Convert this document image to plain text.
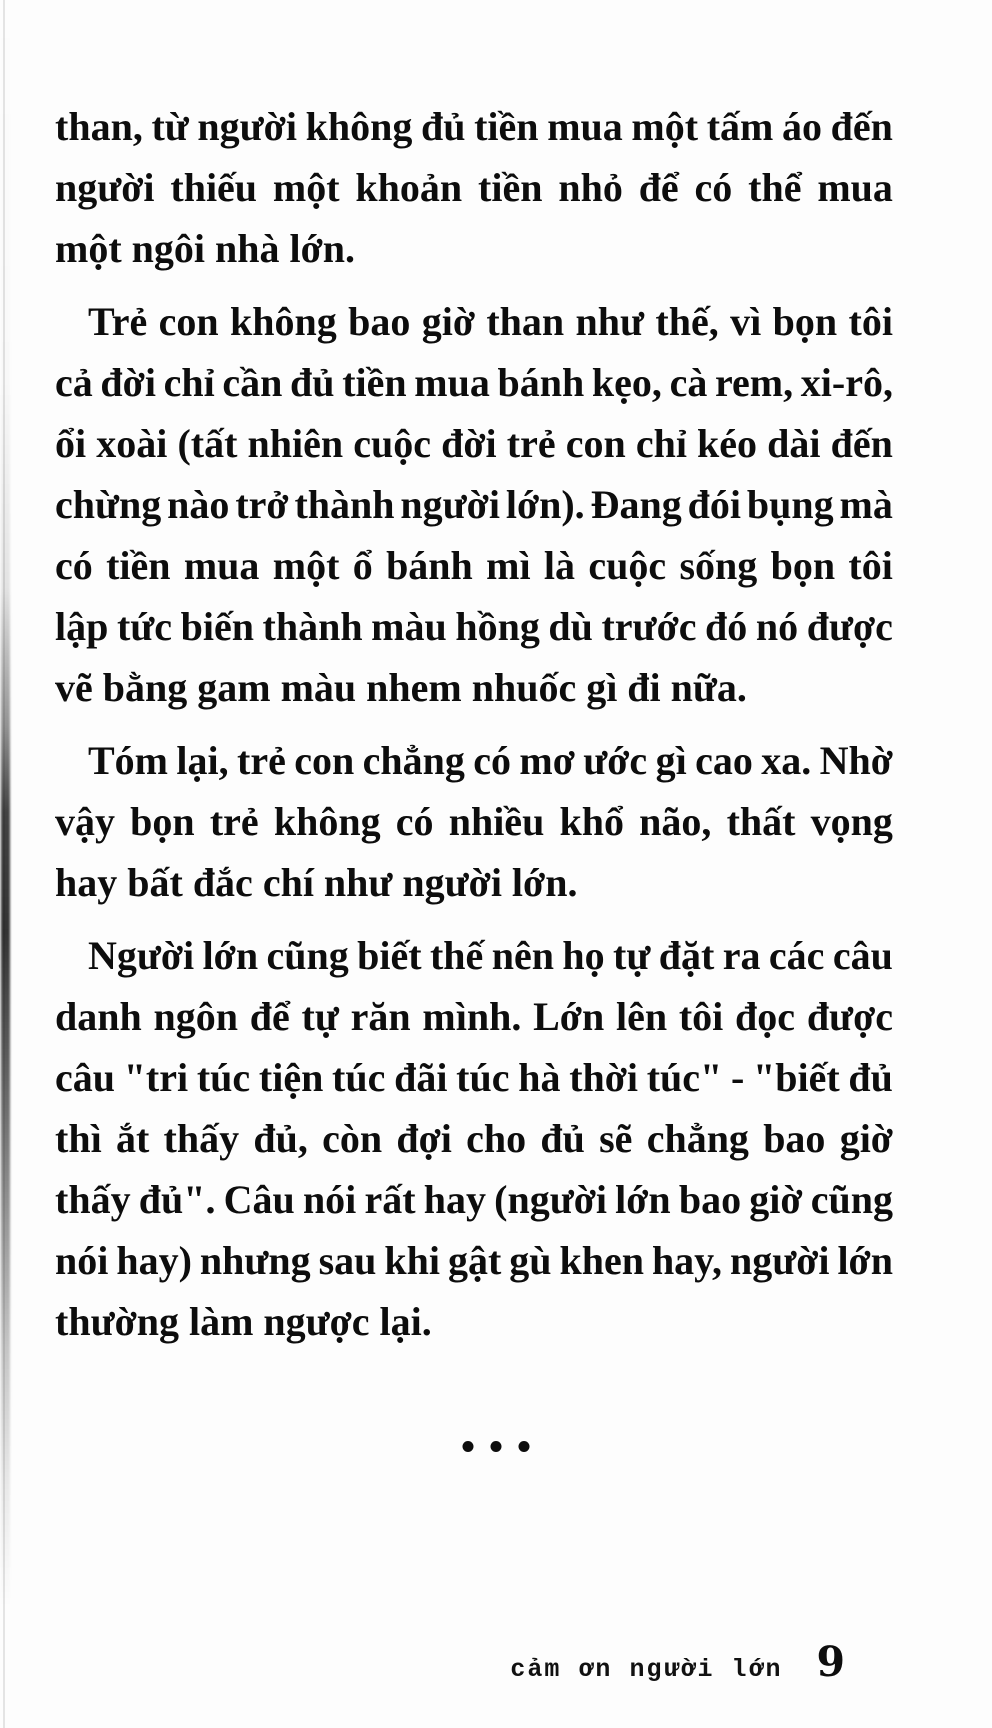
than, từ người không đủ tiền mua một tấm áo đến
người thiếu một khoản tiền nhỏ để có thể mua
một ngôi nhà lớn.
Trẻ con không bao giờ than như thế, vì bọn tôi
cả đời chỉ cần đủ tiền mua bánh kẹo, cà rem, xi-rô,
ổi xoài (tất nhiên cuộc đời trẻ con chỉ kéo dài đến
chừng nào trở thành người lớn). Đang đói bụng mà
có tiền mua một ổ bánh mì là cuộc sống bọn tôi
lập tức biến thành màu hồng dù trước đó nó được
vẽ bằng gam màu nhem nhuốc gì đi nữa.
Tóm lại, trẻ con chẳng có mơ ước gì cao xa. Nhờ
vậy bọn trẻ không có nhiều khổ não, thất vọng
hay bất đắc chí như người lớn.
Người lớn cũng biết thế nên họ tự đặt ra các câu
danh ngôn để tự răn mình. Lớn lên tôi đọc được
câu "tri túc tiện túc đãi túc hà thời túc" - "biết đủ
thì ắt thấy đủ, còn đợi cho đủ sẽ chẳng bao giờ
thấy đủ". Câu nói rất hay (người lớn bao giờ cũng
nói hay) nhưng sau khi gật gù khen hay, người lớn
thường làm ngược lại.
cảm ơn người lớn 9
